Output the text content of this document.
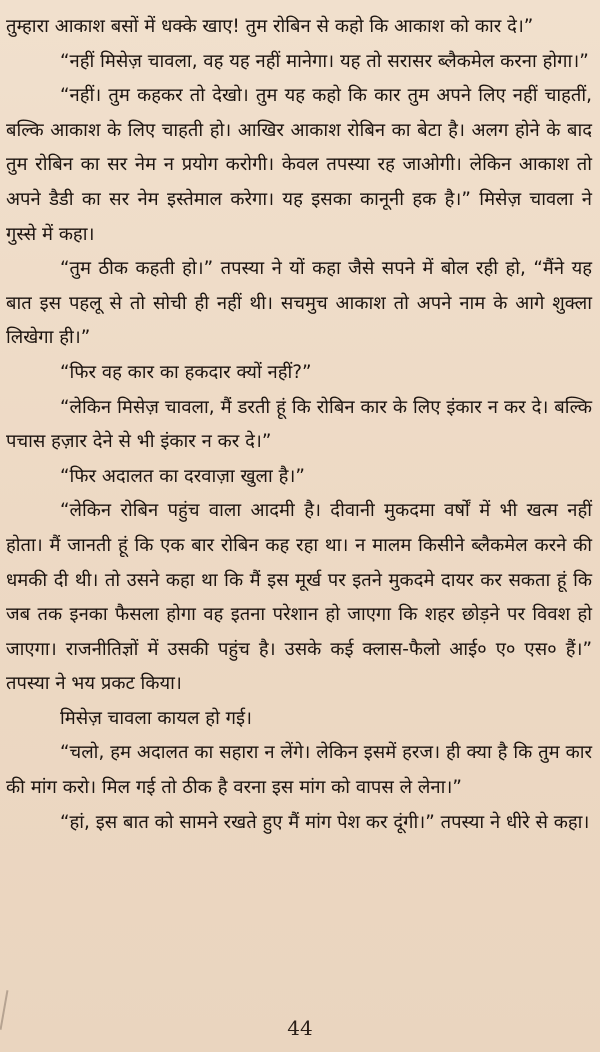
तुम्हारा आकाश बसों में धक्के खाए! तुम रोबिन से कहो कि आकाश को कार दे।”

“नहीं मिसेज़ चावला, वह यह नहीं मानेगा। यह तो सरासर ब्लैकमेल करना होगा।”

“नहीं। तुम कहकर तो देखो। तुम यह कहो कि कार तुम अपने लिए नहीं चाहतीं, बल्कि आकाश के लिए चाहती हो। आखिर आकाश रोबिन का बेटा है। अलग होने के बाद तुम रोबिन का सर नेम न प्रयोग करोगी। केवल तपस्या रह जाओगी। लेकिन आकाश तो अपने डैडी का सर नेम इस्तेमाल करेगा। यह इसका कानूनी हक है।” मिसेज़ चावला ने गुस्से में कहा।

“तुम ठीक कहती हो।” तपस्या ने यों कहा जैसे सपने में बोल रही हो, “मैंने यह बात इस पहलू से तो सोची ही नहीं थी। सचमुच आकाश तो अपने नाम के आगे शुक्ला लिखेगा ही।”

“फिर वह कार का हकदार क्यों नहीं?”

“लेकिन मिसेज़ चावला, मैं डरती हूं कि रोबिन कार के लिए इंकार न कर दे। बल्कि पचास हज़ार देने से भी इंकार न कर दे।”

“फिर अदालत का दरवाज़ा खुला है।”

“लेकिन रोबिन पहुंच वाला आदमी है। दीवानी मुकदमा वर्षों में भी खत्म नहीं होता। मैं जानती हूं कि एक बार रोबिन कह रहा था। न मालम किसीने ब्लैकमेल करने की धमकी दी थी। तो उसने कहा था कि मैं इस मूर्ख पर इतने मुकदमे दायर कर सकता हूं कि जब तक इनका फैसला होगा वह इतना परेशान हो जाएगा कि शहर छोड़ने पर विवश हो जाएगा। राजनीतिज्ञों में उसकी पहुंच है। उसके कई क्लास-फैलो आई० ए० एस० हैं।” तपस्या ने भय प्रकट किया।

मिसेज़ चावला कायल हो गई।

“चलो, हम अदालत का सहारा न लेंगे। लेकिन इसमें हरज। ही क्या है कि तुम कार की मांग करो। मिल गई तो ठीक है वरना इस मांग को वापस ले लेना।”

“हां, इस बात को सामने रखते हुए मैं मांग पेश कर दूंगी।” तपस्या ने धीरे से कहा।

44
